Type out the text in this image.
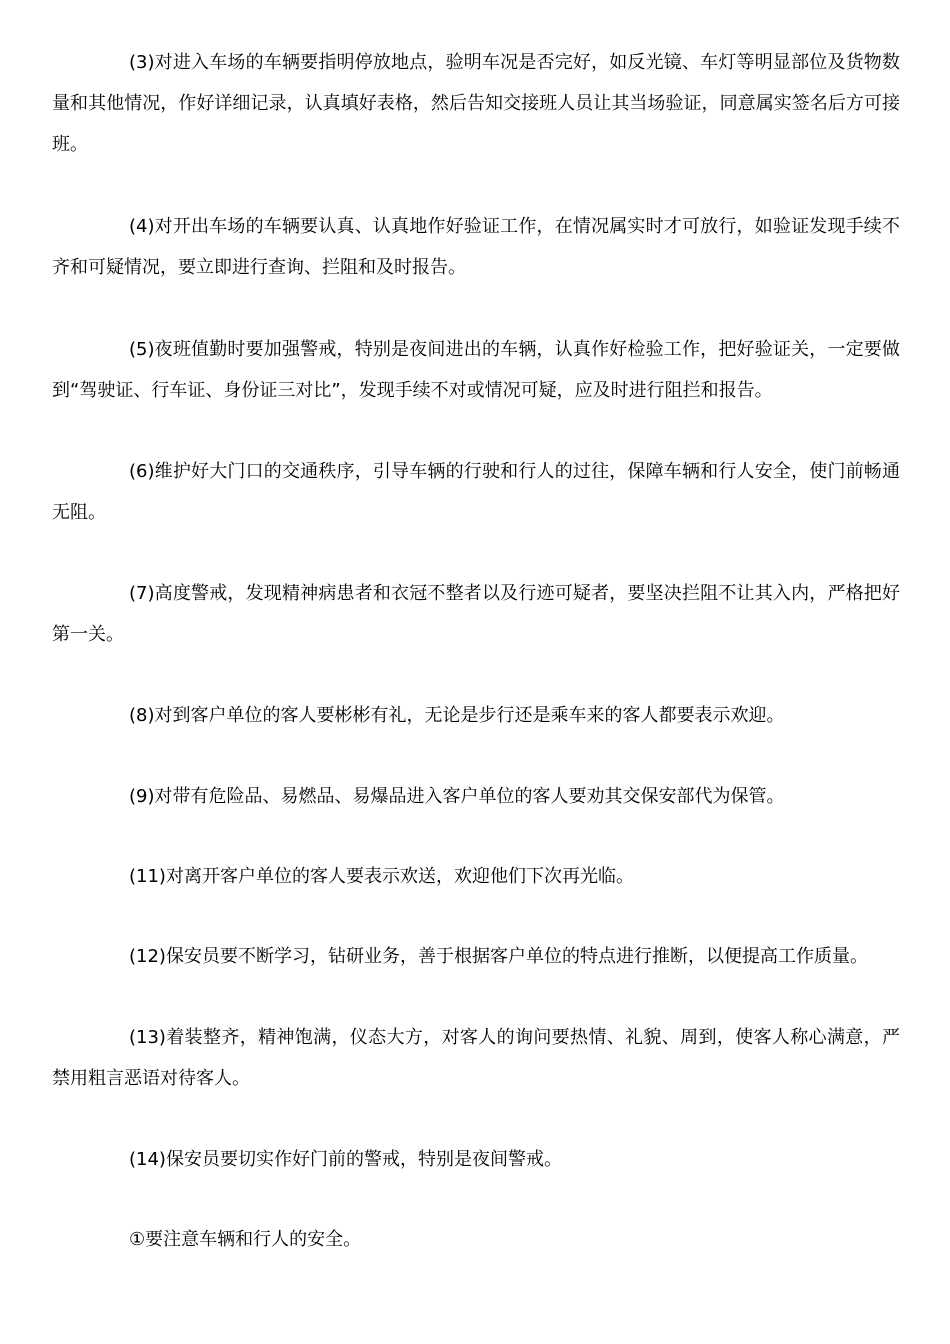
(3)对进入车场的车辆要指明停放地点，验明车况是否完好，如反光镜、车灯等明显部位及货物数量和其他情况，作好详细记录，认真填好表格，然后告知交接班人员让其当场验证，同意属实签名后方可接班。

(4)对开出车场的车辆要认真、认真地作好验证工作，在情况属实时才可放行，如验证发现手续不齐和可疑情况，要立即进行查询、拦阻和及时报告。

(5)夜班值勤时要加强警戒，特别是夜间进出的车辆，认真作好检验工作，把好验证关，一定要做到“驾驶证、行车证、身份证三对比”，发现手续不对或情况可疑，应及时进行阻拦和报告。

(6)维护好大门口的交通秩序，引导车辆的行驶和行人的过往，保障车辆和行人安全，使门前畅通无阻。

(7)高度警戒，发现精神病患者和衣冠不整者以及行迹可疑者，要坚决拦阻不让其入内，严格把好第一关。

(8)对到客户单位的客人要彬彬有礼，无论是步行还是乘车来的客人都要表示欢迎。

(9)对带有危险品、易燃品、易爆品进入客户单位的客人要劝其交保安部代为保管。

(11)对离开客户单位的客人要表示欢送，欢迎他们下次再光临。

(12)保安员要不断学习，钻研业务，善于根据客户单位的特点进行推断，以便提高工作质量。

(13)着装整齐，精神饱满，仪态大方，对客人的询问要热情、礼貌、周到，使客人称心满意，严禁用粗言恶语对待客人。

(14)保安员要切实作好门前的警戒，特别是夜间警戒。

①要注意车辆和行人的安全。
